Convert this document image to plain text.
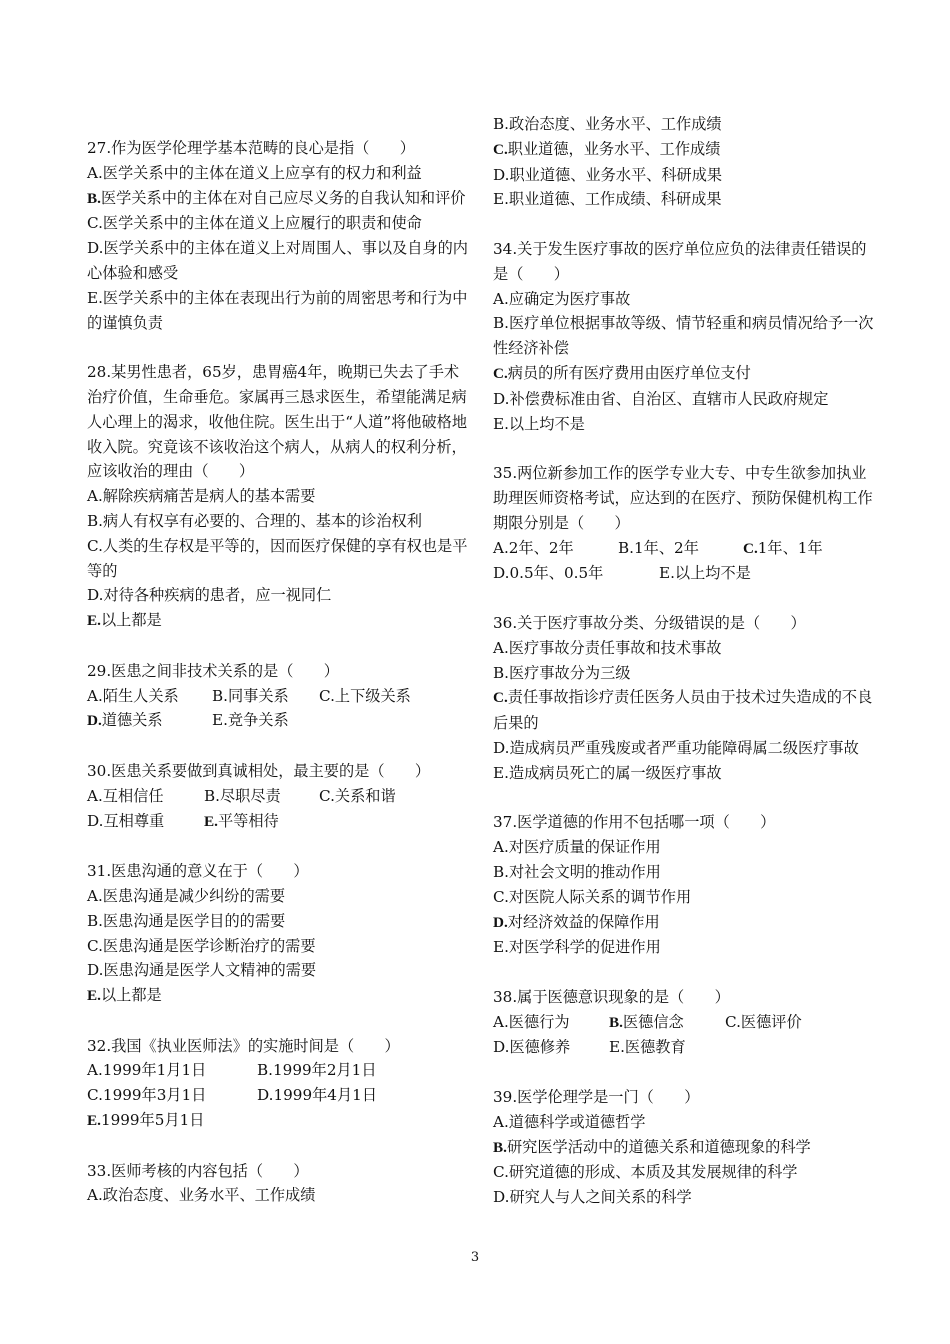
27.作为医学伦理学基本范畴的良心是指（　　）

A.医学关系中的主体在道义上应享有的权力和利益

B.医学关系中的主体在对自己应尽义务的自我认知和评价

C.医学关系中的主体在道义上应履行的职责和使命

D.医学关系中的主体在道义上对周围人、事以及自身的内心体验和感受

E.医学关系中的主体在表现出行为前的周密思考和行为中的谨慎负责

28.某男性患者，65岁，患胃癌4年，晚期已失去了手术治疗价值，生命垂危。家属再三恳求医生，希望能满足病人心理上的渴求，收他住院。医生出于“人道”将他破格地收入院。究竟该不该收治这个病人，从病人的权利分析，应该收治的理由（　　）

A.解除疾病痛苦是病人的基本需要

B.病人有权享有必要的、合理的、基本的诊治权利

C.人类的生存权是平等的，因而医疗保健的享有权也是平等的

D.对待各种疾病的患者，应一视同仁

E.以上都是

29.医患之间非技术关系的是（　　）

A.陌生人关系	B.同事关系	C.上下级关系

D.道德关系	E.竞争关系

30.医患关系要做到真诚相处，最主要的是（　　）

A.互相信任	B.尽职尽责	C.关系和谐

D.互相尊重	E.平等相待

31.医患沟通的意义在于（　　）

A.医患沟通是减少纠纷的需要

B.医患沟通是医学目的的需要

C.医患沟通是医学诊断治疗的需要

D.医患沟通是医学人文精神的需要

E.以上都是

32.我国《执业医师法》的实施时间是（　　）

A.1999年1月1日	B.1999年2月1日

C.1999年3月1日	D.1999年4月1日

E.1999年5月1日

33.医师考核的内容包括（　　）

A.政治态度、业务水平、工作成绩

B.政治态度、业务水平、工作成绩

C.职业道德，业务水平、工作成绩

D.职业道德、业务水平、科研成果

E.职业道德、工作成绩、科研成果

34.关于发生医疗事故的医疗单位应负的法律责任错误的是（　　）

A.应确定为医疗事故

B.医疗单位根据事故等级、情节轻重和病员情况给予一次性经济补偿

C.病员的所有医疗费用由医疗单位支付

D.补偿费标准由省、自治区、直辖市人民政府规定

E.以上均不是

35.两位新参加工作的医学专业大专、中专生欲参加执业助理医师资格考试，应达到的在医疗、预防保健机构工作期限分别是（　　）

A.2年、2年	B.1年、2年	C.1年、1年

D.0.5年、0.5年	E.以上均不是

36.关于医疗事故分类、分级错误的是（　　）

A.医疗事故分责任事故和技术事故

B.医疗事故分为三级

C.责任事故指诊疗责任医务人员由于技术过失造成的不良后果的

D.造成病员严重残废或者严重功能障碍属二级医疗事故

E.造成病员死亡的属一级医疗事故

37.医学道德的作用不包括哪一项（　　）

A.对医疗质量的保证作用

B.对社会文明的推动作用

C.对医院人际关系的调节作用

D.对经济效益的保障作用

E.对医学科学的促进作用

38.属于医德意识现象的是（　　）

A.医德行为	B.医德信念	C.医德评价

D.医德修养	E.医德教育

39.医学伦理学是一门（　　）

A.道德科学或道德哲学

B.研究医学活动中的道德关系和道德现象的科学

C.研究道德的形成、本质及其发展规律的科学

D.研究人与人之间关系的科学

3
